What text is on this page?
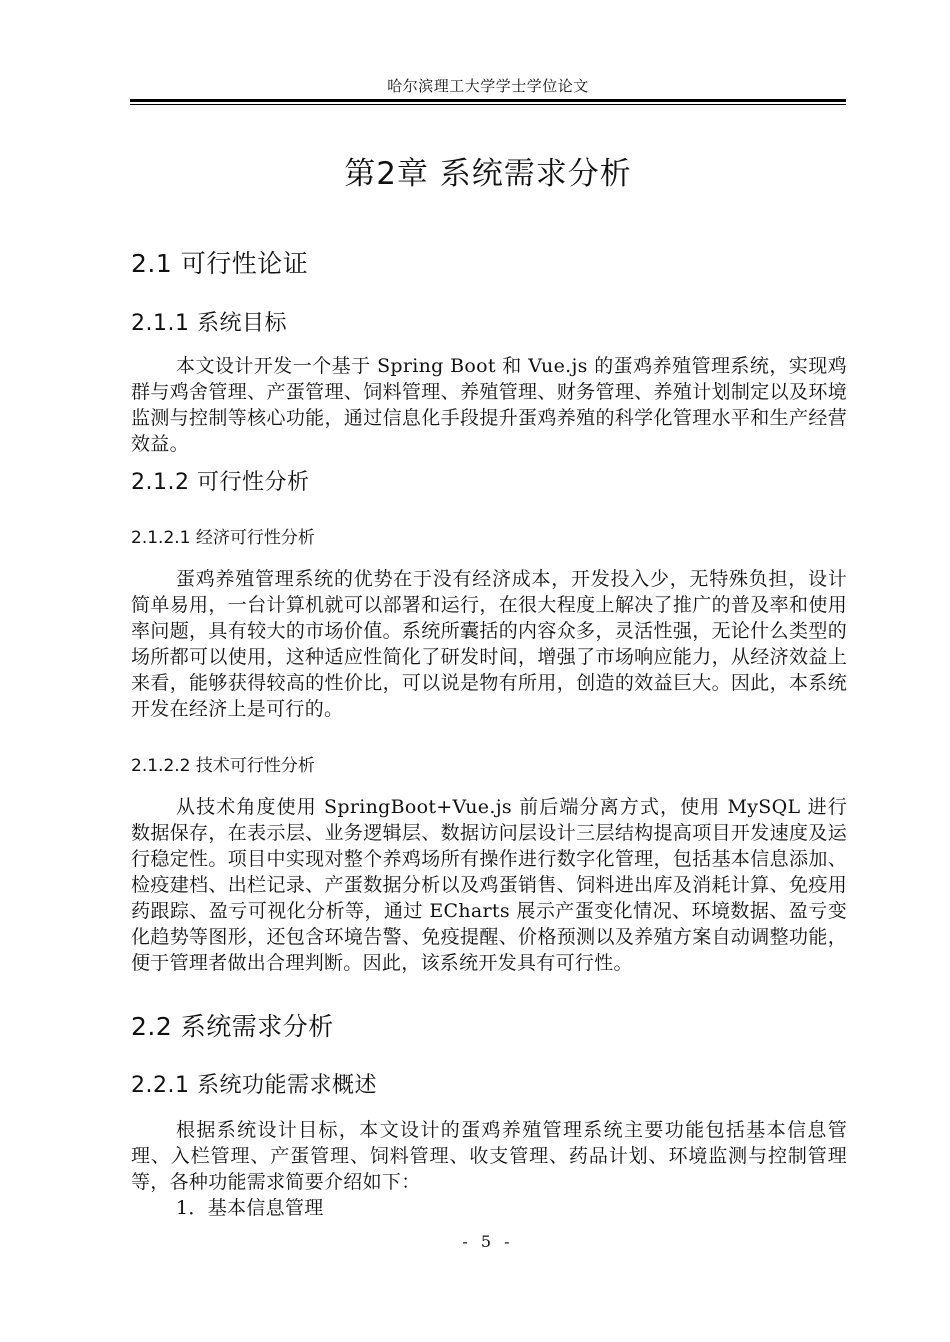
哈尔滨理工大学学士学位论文
第2章 系统需求分析
2.1 可行性论证
2.1.1 系统目标

本文设计开发一个基于 Spring Boot 和 Vue.js 的蛋鸡养殖管理系统，实现鸡群与鸡舍管理、产蛋管理、饲料管理、养殖管理、财务管理、养殖计划制定以及环境监测与控制等核心功能，通过信息化手段提升蛋鸡养殖的科学化管理水平和生产经营效益。

2.1.2 可行性分析
2.1.2.1 经济可行性分析

蛋鸡养殖管理系统的优势在于没有经济成本，开发投入少，无特殊负担，设计简单易用，一台计算机就可以部署和运行，在很大程度上解决了推广的普及率和使用率问题，具有较大的市场价值。系统所囊括的内容众多，灵活性强，无论什么类型的场所都可以使用，这种适应性简化了研发时间，增强了市场响应能力，从经济效益上来看，能够获得较高的性价比，可以说是物有所用，创造的效益巨大。因此，本系统开发在经济上是可行的。

2.1.2.2 技术可行性分析

从技术角度使用 SpringBoot+Vue.js 前后端分离方式，使用 MySQL 进行数据保存，在表示层、业务逻辑层、数据访问层设计三层结构提高项目开发速度及运行稳定性。项目中实现对整个养鸡场所有操作进行数字化管理，包括基本信息添加、检疫建档、出栏记录、产蛋数据分析以及鸡蛋销售、饲料进出库及消耗计算、免疫用药跟踪、盈亏可视化分析等，通过 ECharts 展示产蛋变化情况、环境数据、盈亏变化趋势等图形，还包含环境告警、免疫提醒、价格预测以及养殖方案自动调整功能，便于管理者做出合理判断。因此，该系统开发具有可行性。

2.2 系统需求分析
2.2.1 系统功能需求概述

根据系统设计目标，本文设计的蛋鸡养殖管理系统主要功能包括基本信息管理、入栏管理、产蛋管理、饲料管理、收支管理、药品计划、环境监测与控制管理等，各种功能需求简要介绍如下：

1．基本信息管理
- 5 -
